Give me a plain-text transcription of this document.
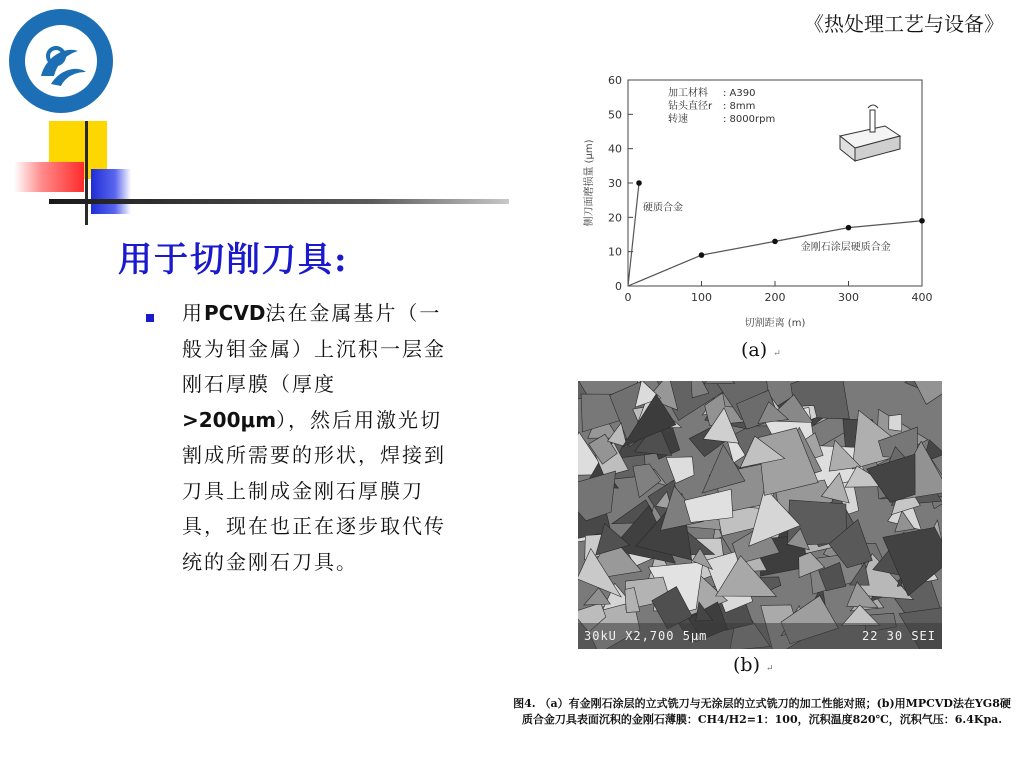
《热处理工艺与设备》
用于切削刀具:
用PCVD法在金属基片（一般为钼金属）上沉积一层金刚石厚膜（厚度>200μm），然后用激光切割成所需要的形状，焊接到刀具上制成金刚石厚膜刀具，现在也正在逐步取代传统的金刚石刀具。
0
10
20
30
40
50
60
0	100	200	300	400
切割距离 (m)
侧刀面磨损量 (μm)
加工材料 : A390
钻头直径r : 8mm
转速	: 8000rpm
硬质合金
金刚石涂层硬质合金
(a) ↵
30kU X2,700 5μm	22 30 SEI
(b) ↵
图4. （a）有金刚石涂层的立式铣刀与无涂层的立式铣刀的加工性能对照；(b)用MPCVD法在YG8硬质合金刀具表面沉积的金刚石薄膜：CH4/H2=1：100，沉积温度820℃，沉积气压：6.4Kpa.
